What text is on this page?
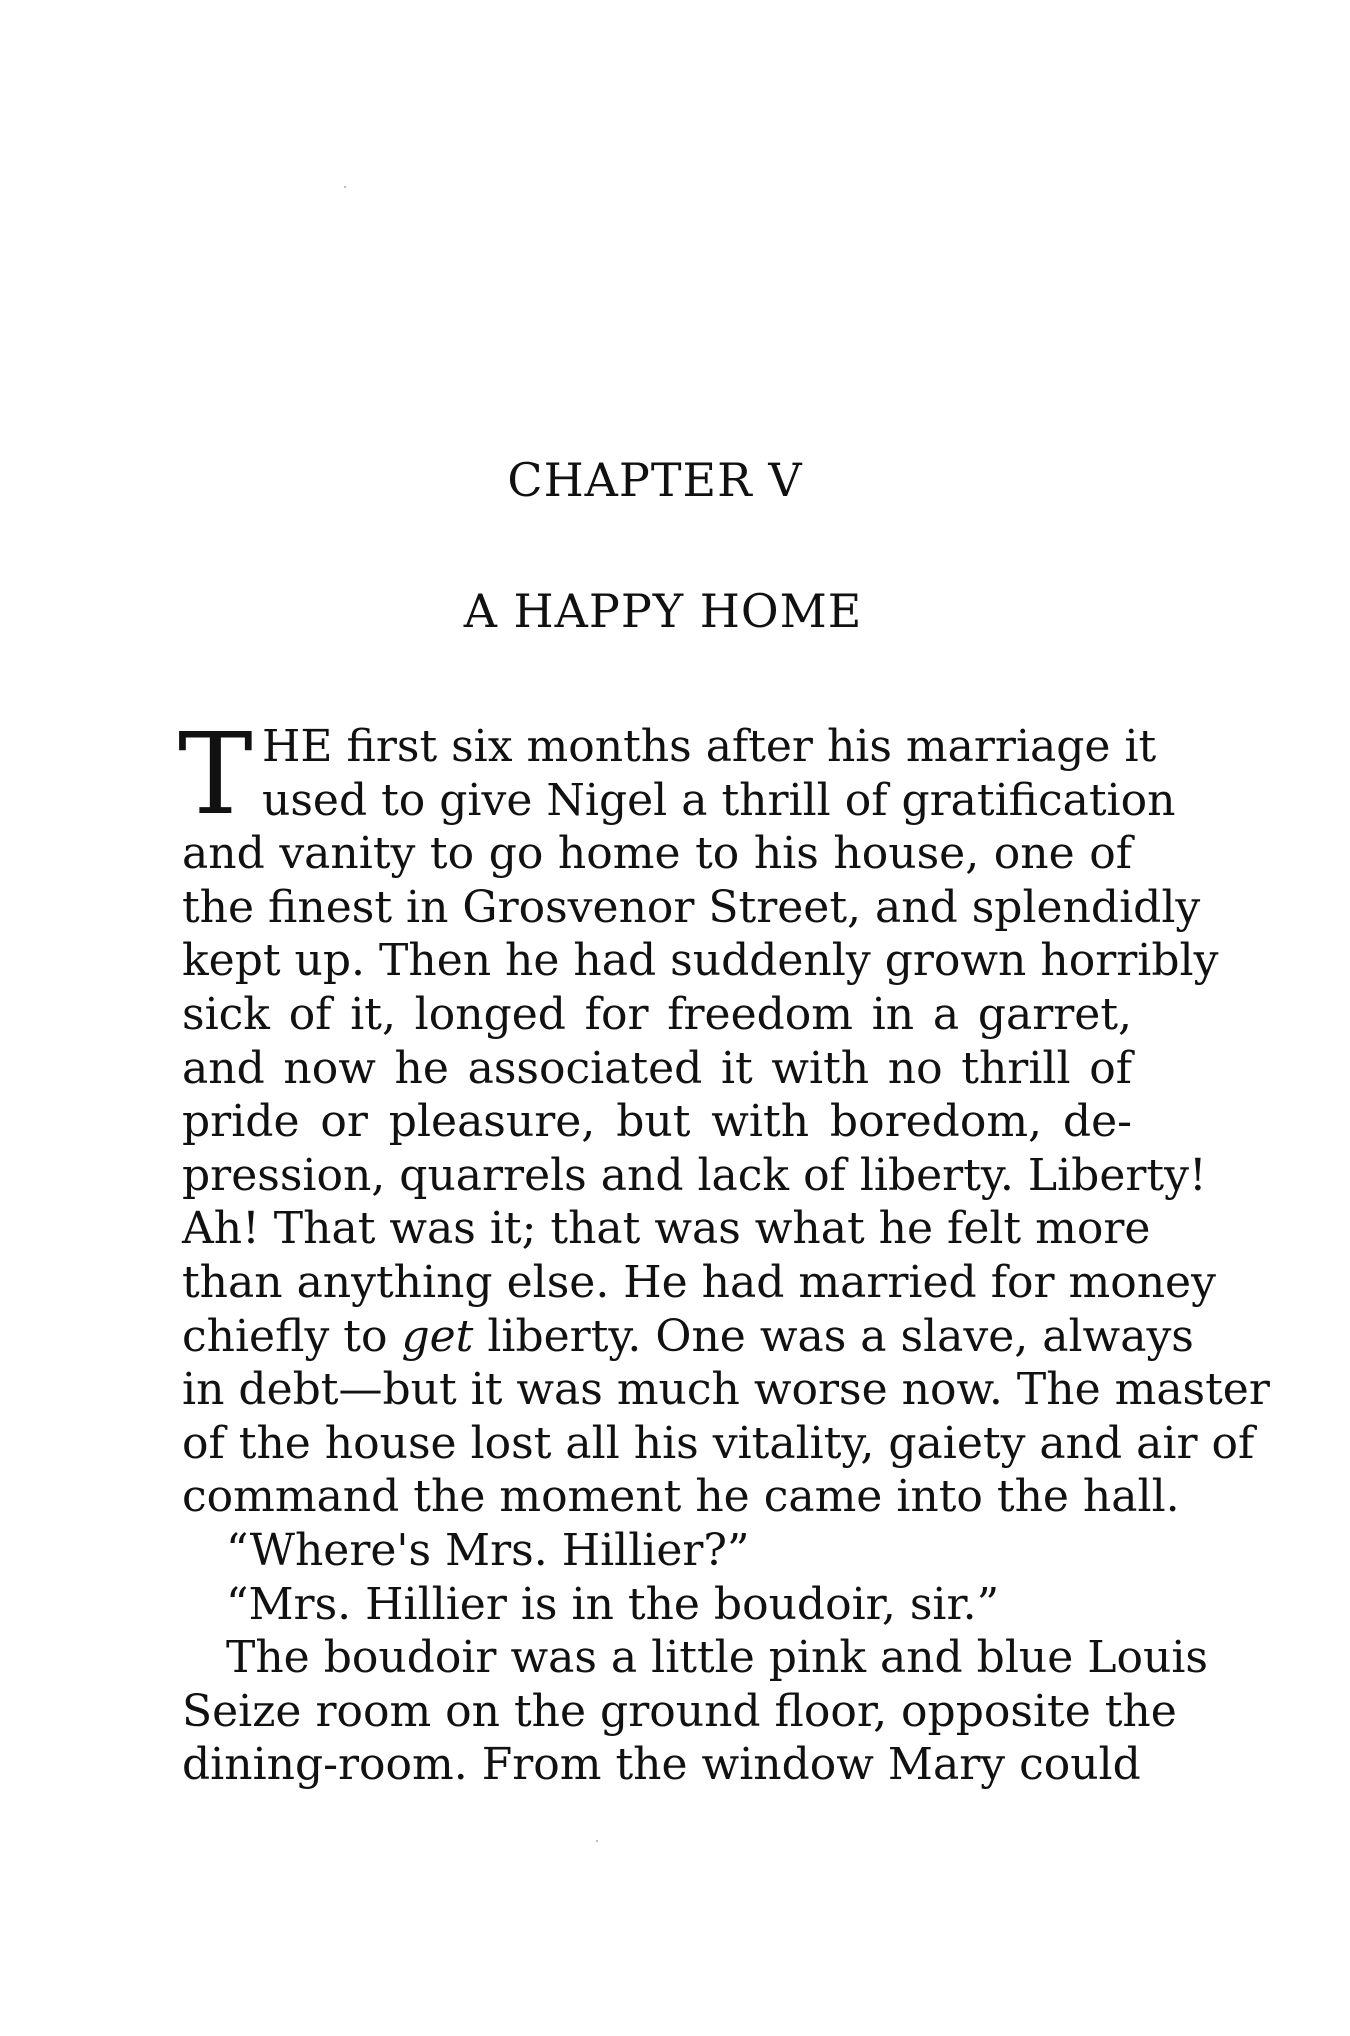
CHAPTER V
A HAPPY HOME
T HE first six months after his marriage it
used to give Nigel a thrill of gratification
and vanity to go home to his house, one of
the finest in Grosvenor Street, and splendidly
kept up. Then he had suddenly grown horribly
sick of it, longed for freedom in a garret,
and now he associated it with no thrill of
pride or pleasure, but with boredom, de-
pression, quarrels and lack of liberty. Liberty!
Ah! That was it; that was what he felt more
than anything else. He had married for money
chiefly to get liberty. One was a slave, always
in debt—but it was much worse now. The master
of the house lost all his vitality, gaiety and air of
command the moment he came into the hall.
“Where's Mrs. Hillier?”
“Mrs. Hillier is in the boudoir, sir.”
The boudoir was a little pink and blue Louis
Seize room on the ground floor, opposite the
dining-room. From the window Mary could
